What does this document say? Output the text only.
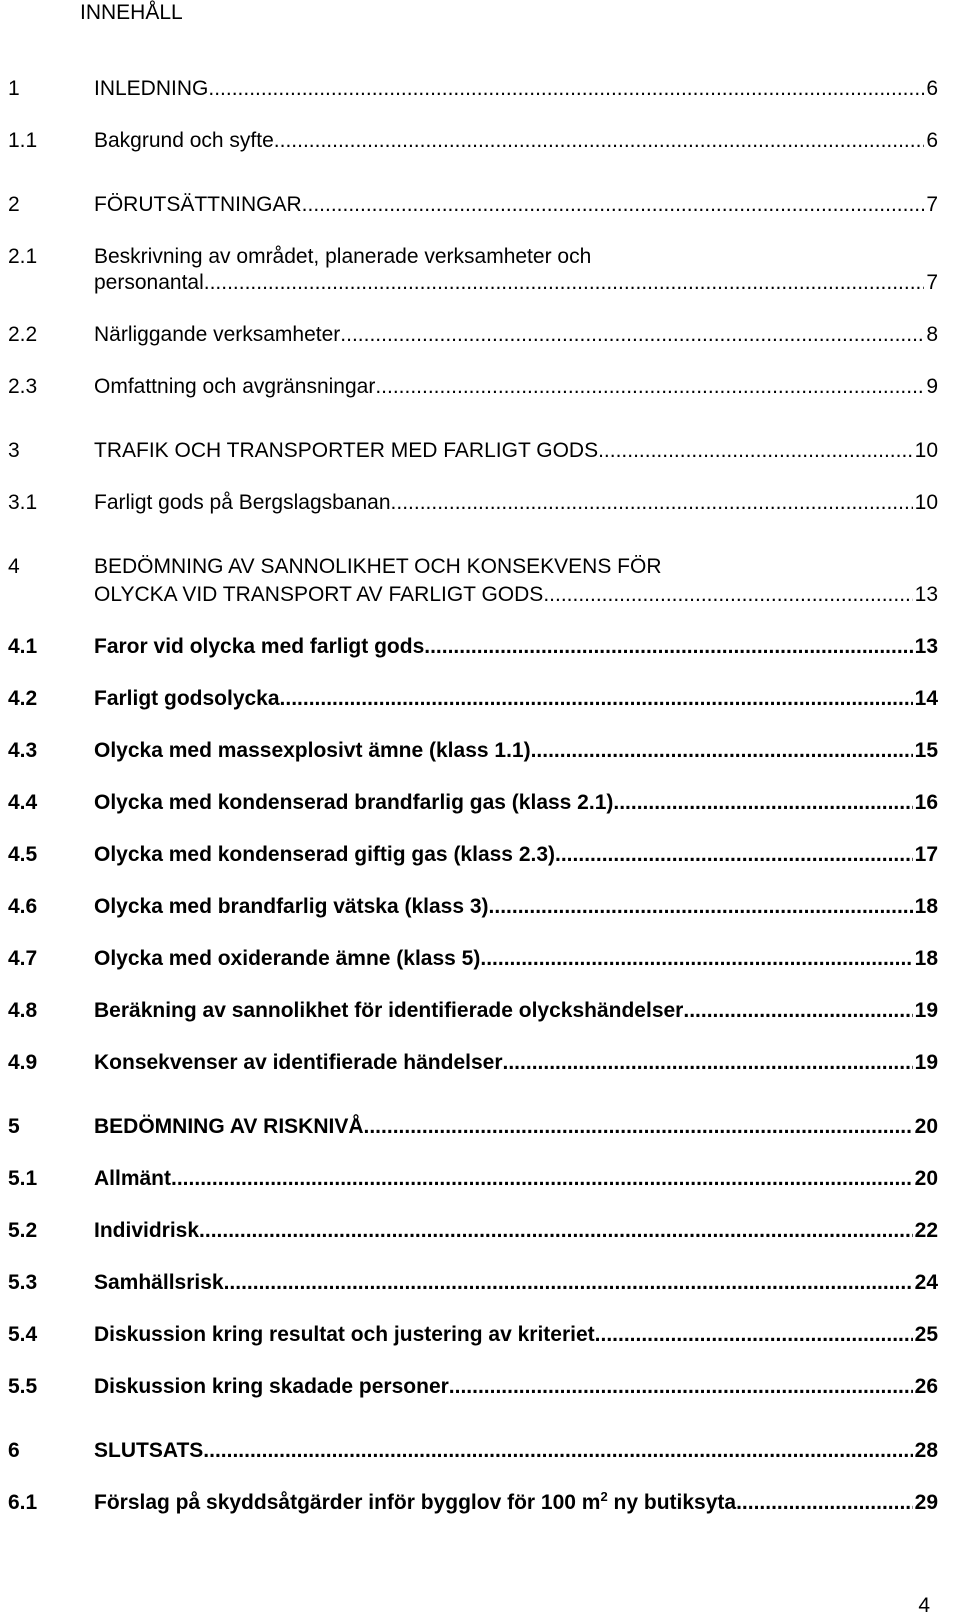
INNEHÅLL
1	INLEDNING .....	6
1.1	Bakgrund och syfte .....	6
2	FÖRUTSÄTTNINGAR .....	7
2.1	Beskrivning av området, planerade verksamheter och
personantal .....	7
2.2	Närliggande verksamheter .....	8
2.3	Omfattning och avgränsningar .....	9
3	TRAFIK OCH TRANSPORTER MED FARLIGT GODS .....	10
3.1	Farligt gods på Bergslagsbanan .....	10
4	BEDÖMNING AV SANNOLIKHET OCH KONSEKVENS FÖR
OLYCKA VID TRANSPORT AV FARLIGT GODS .....	13
4.1	Faror vid olycka med farligt gods .....	13
4.2	Farligt godsolycka .....	14
4.3	Olycka med massexplosivt ämne (klass 1.1) .....	15
4.4	Olycka med kondenserad brandfarlig gas (klass 2.1) .....	16
4.5	Olycka med kondenserad giftig gas (klass 2.3) .....	17
4.6	Olycka med brandfarlig vätska (klass 3) .....	18
4.7	Olycka med oxiderande ämne (klass 5) .....	18
4.8	Beräkning av sannolikhet för identifierade olyckshändelser .....	19
4.9	Konsekvenser av identifierade händelser .....	19
5	BEDÖMNING AV RISKNIVÅ .....	20
5.1	Allmänt .....	20
5.2	Individrisk .....	22
5.3	Samhällsrisk .....	24
5.4	Diskussion kring resultat och justering av kriteriet .....	25
5.5	Diskussion kring skadade personer .....	26
6	SLUTSATS .....	28
6.1	Förslag på skyddsåtgärder inför bygglov för 100 $m^2$ ny butiksyta .....	29
4
